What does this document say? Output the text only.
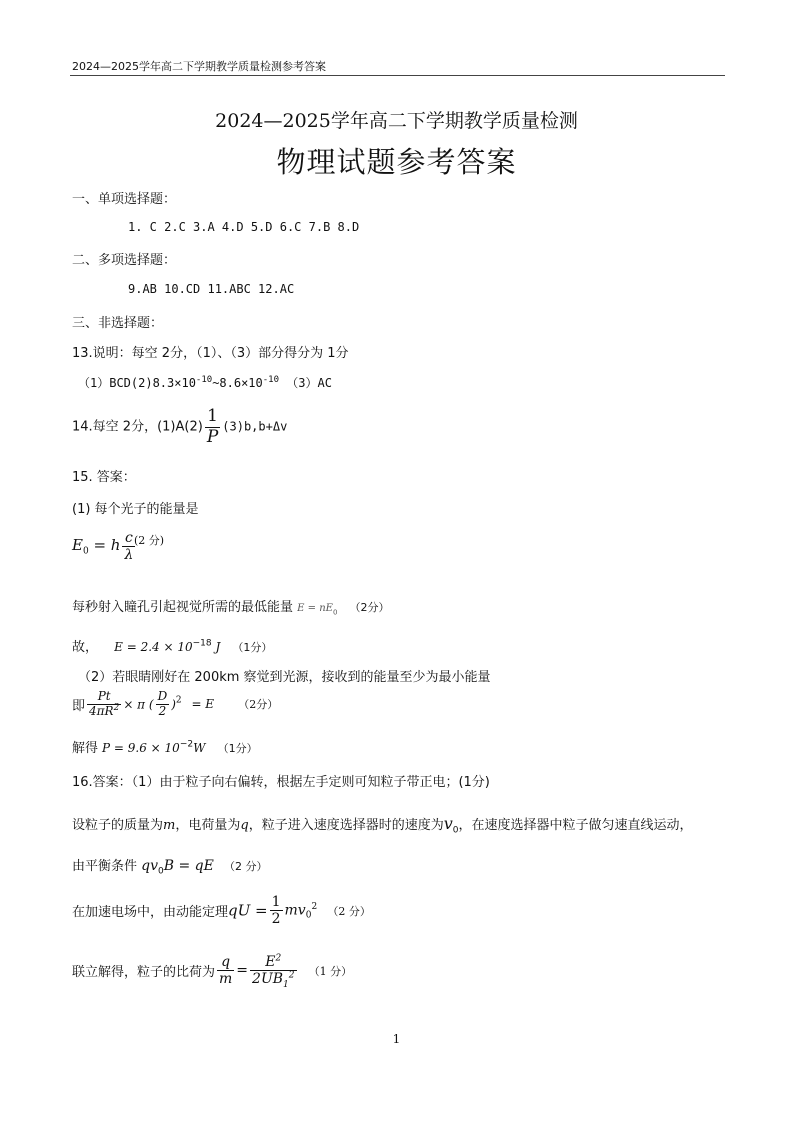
2024—2025学年高二下学期教学质量检测参考答案
2024—2025学年高二下学期教学质量检测
物理试题参考答案
一、单项选择题：
1. C 2.C 3.A 4.D 5.D 6.C 7.B 8.D
二、多项选择题：
9.AB 10.CD 11.ABC 12.AC
三、非选择题：
13.说明：每空 2分，（1）、（3）部分得分为 1分
$(1)BCD(2)8.3\times 10^{-10}\sim 8.6\times 10^{-10}$ （3）AC
14.每空 2分，$(1)A(2) \frac{1}{P} (3)b,b+\Delta v$
15. 答案：
(1) 每个光子的能量是
$E_0 = h \frac{c}{\lambda}$
(2 分)
每秒射入瞳孔引起视觉所需的最低能量 $E = nE_0$ （2分）
故， $E = 2.4 \times 10^{-18}$ J （1分）
（2）若眼睛刚好在 200km 察觉到光源，接收到的能量至少为最小能量
即 $\frac{Pt}{4\pi R^2} \times \pi$ ( $\frac{D}{2} )^2 = E$ （2分）
解得 $P = 9.6 \times 10^{-2}W$ （1分）
16.答案：（1）由于粒子向右偏转，根据左手定则可知粒子带正电；(1分)
设粒子的质量为m，电荷量为q，粒子进入速度选择器时的速度为$v_0$，在速度选择器中粒子做匀速直线运动，
由平衡条件 $qv_0B$ = qE （2 分）
在加速电场中，由动能定理qU = $\frac{1}{2} mv_0^2$ （2 分）
联立解得，粒子的比荷为 $\frac{q}{m} = \frac{E^2}{2UB_1^2} (1$ 分）
1
